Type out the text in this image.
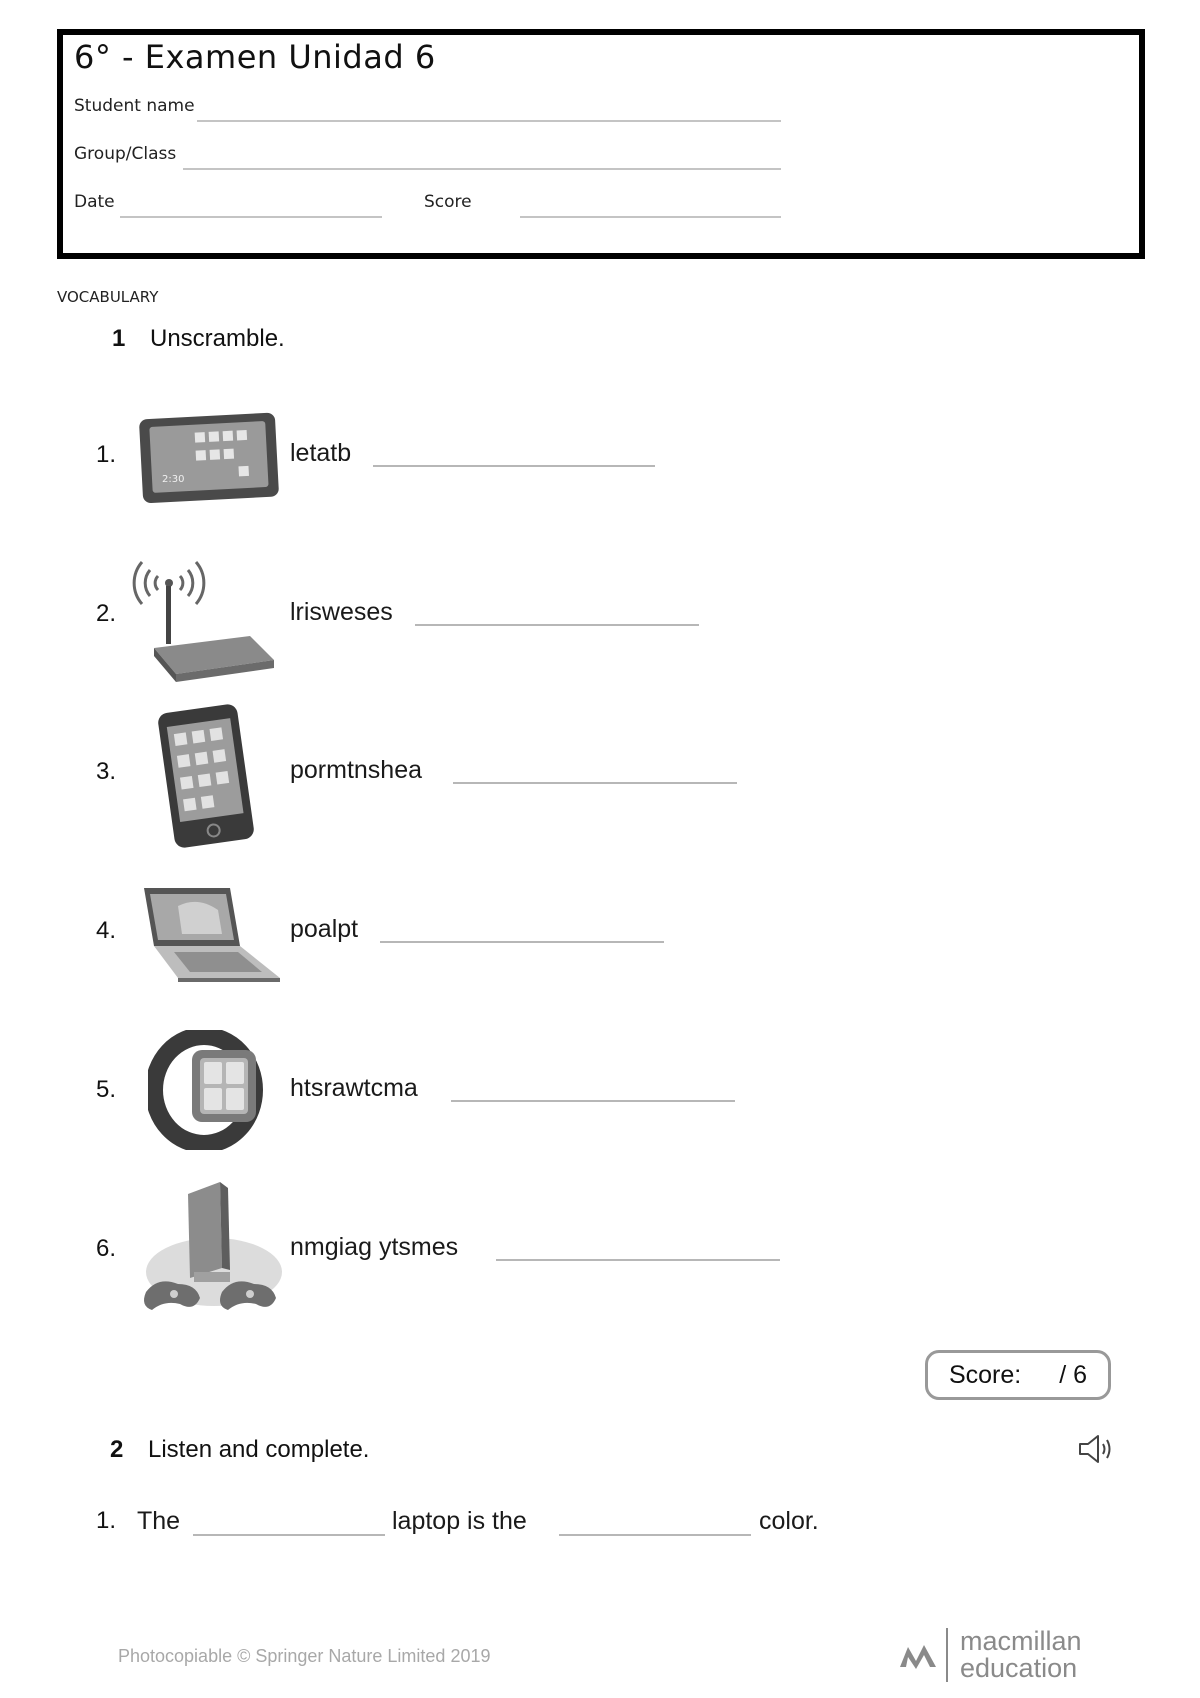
6° - Examen Unidad 6
Student name
Group/Class
Date	Score
VOCABULARY
1 Unscramble.
1.
2:30
letatb
2.	lrisweses
3.	pormtnshea
4.	poalpt
5.	htsrawtcma
6.	nmgiag ytsmes
Score: / 6
2 Listen and complete.
1. The	laptop is the	color.
Photocopiable © Springer Nature Limited 2019	macmillan
education
